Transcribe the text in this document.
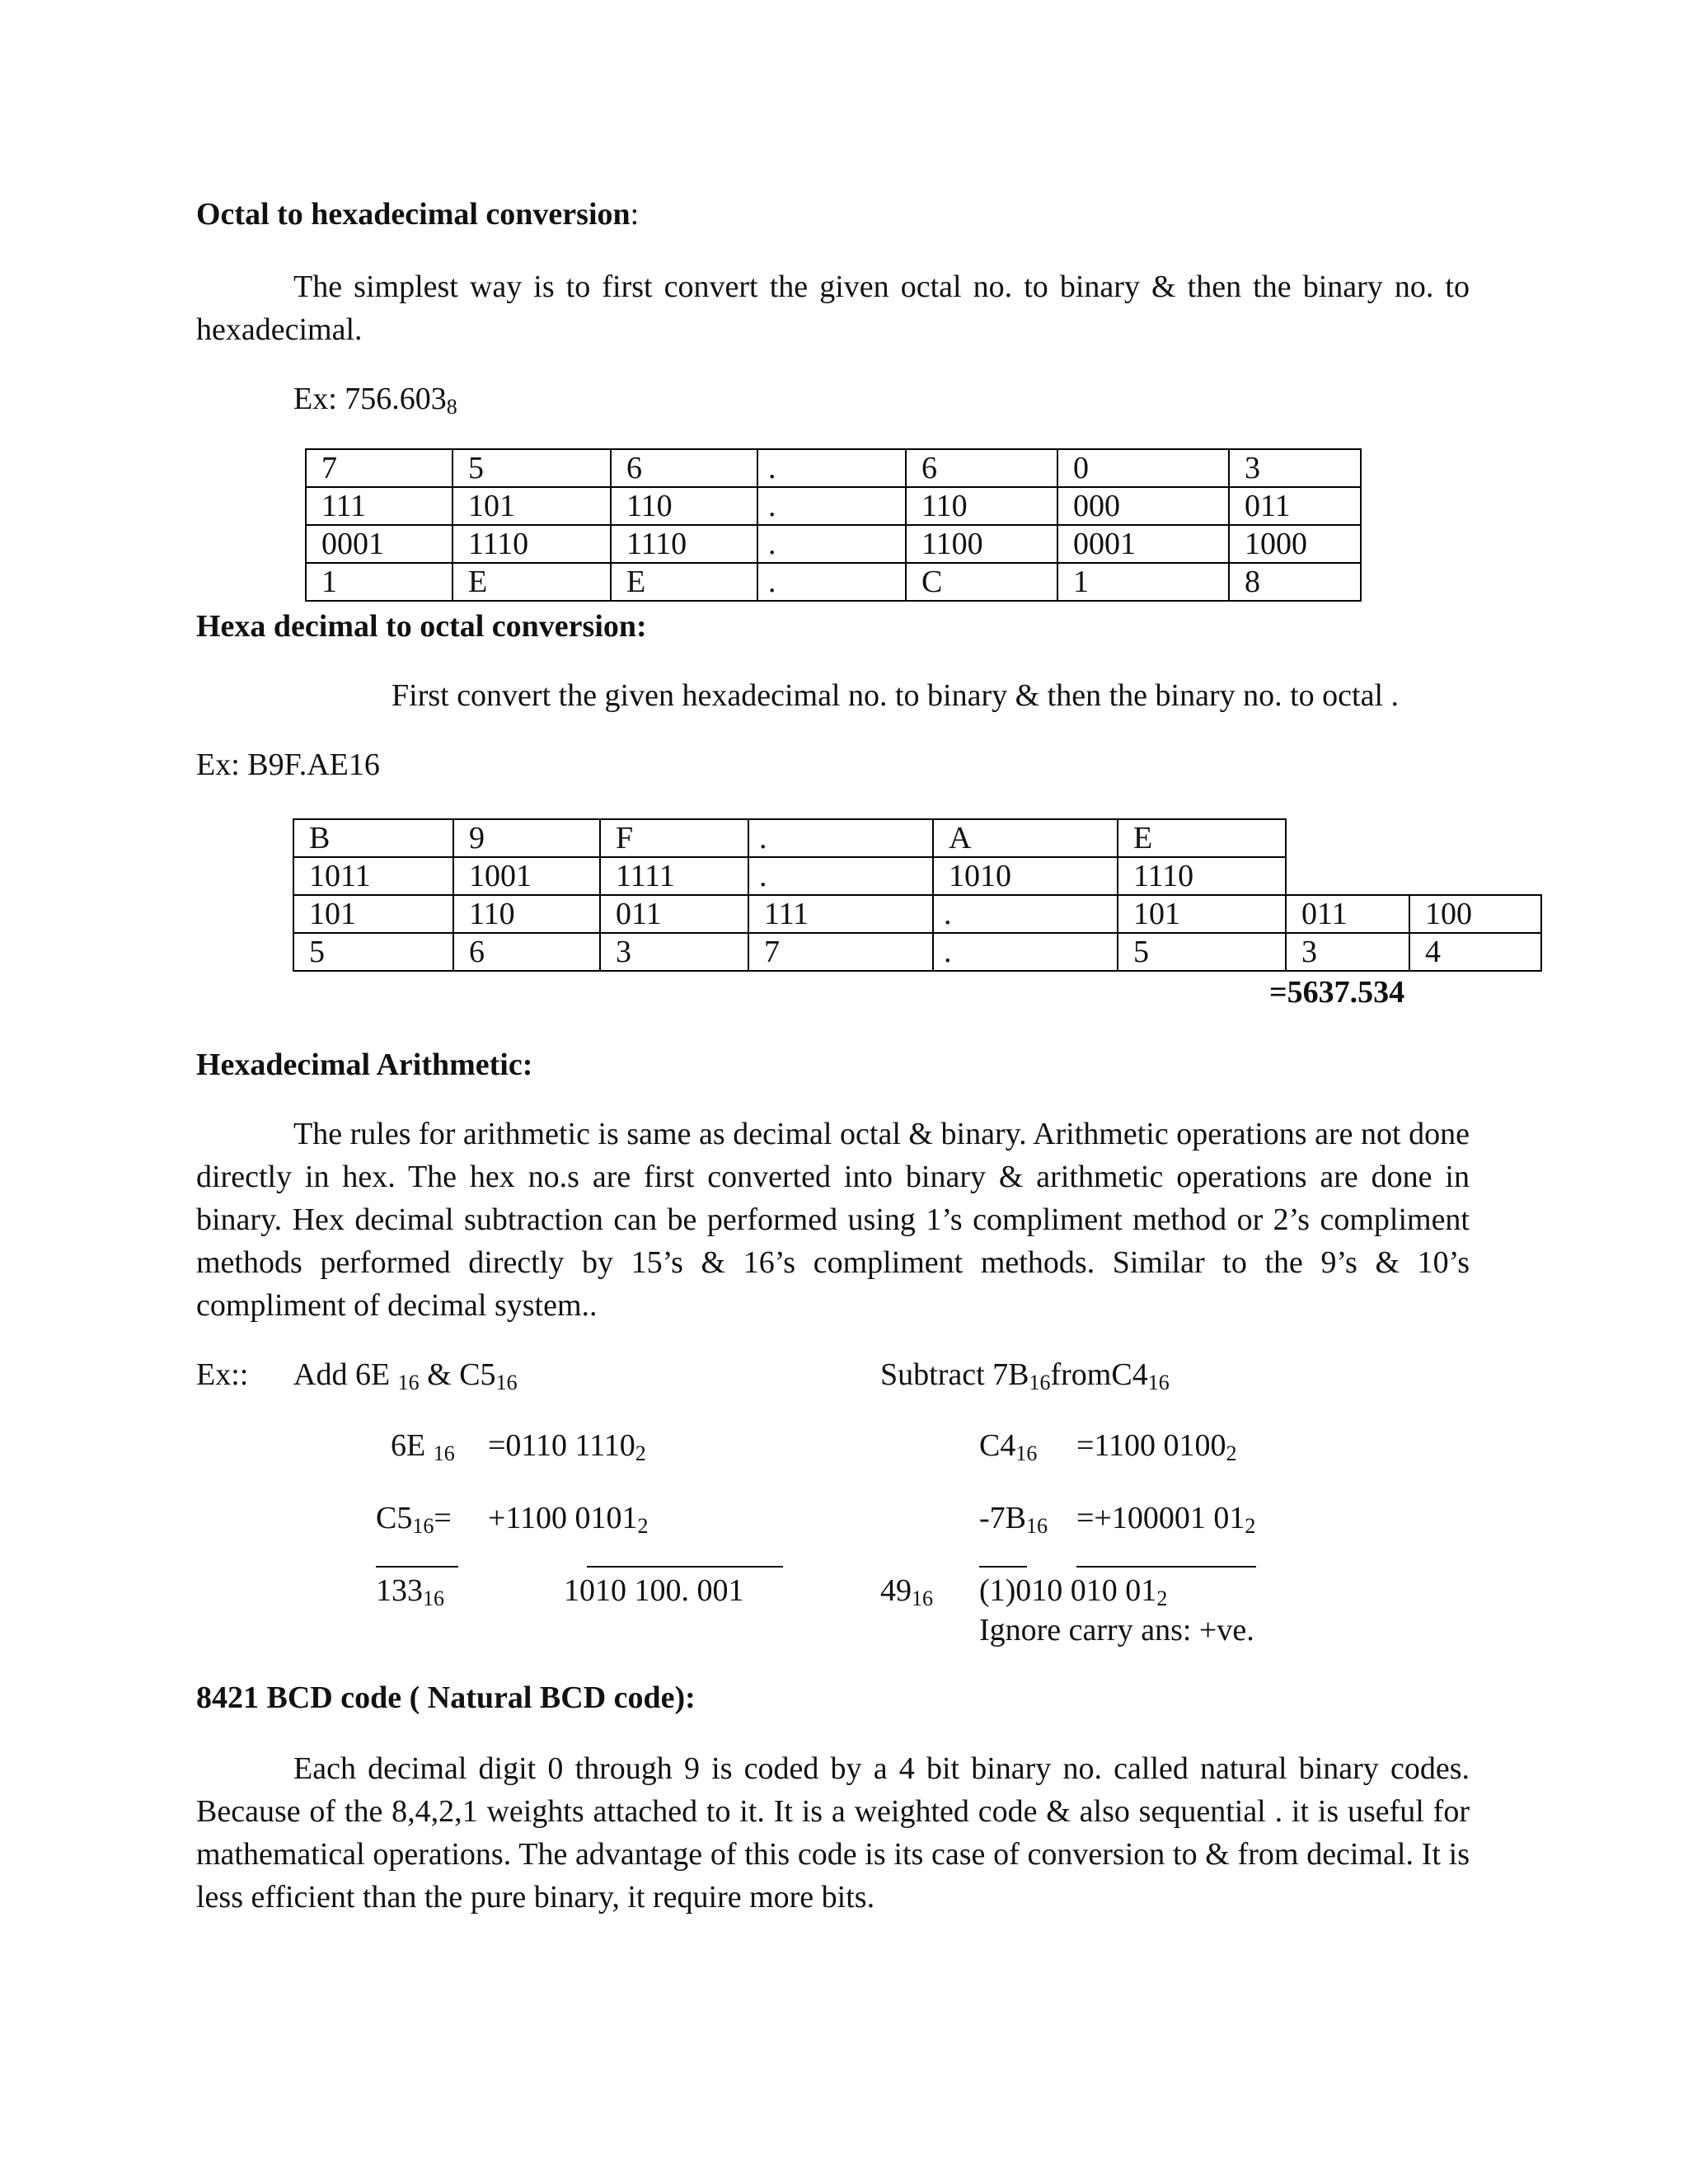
Octal to hexadecimal conversion:

The simplest way is to first convert the given octal no. to binary & then the binary no. to hexadecimal.

Ex: $756.603_8$
7	5	6	.	6	0	3
111	101	110	.	110	000	011
0001	1110	1110	.	1100	0001	1000
1	E	E	.	C	1	8
Hexa decimal to octal conversion:
First convert the given hexadecimal no. to binary & then the binary no. to octal .
Ex: B9F.AE16
B	9	F	.	A	E
1011	1001	1111	.	1010	1110
101	110	011	111	.	101	011	100
5	6	3	7	.	5	3	4
=5637.534
Hexadecimal Arithmetic:

The rules for arithmetic is same as decimal octal & binary. Arithmetic operations are not done directly in hex. The hex no.s are first converted into binary & arithmetic operations are done in binary. Hex decimal subtraction can be performed using 1’s compliment method or 2’s compliment methods performed directly by 15’s & 16’s compliment methods. Similar to the 9’s & 10’s compliment of decimal system..

Ex:: Add 6E $_{16}$ & $C5_{16}$	Subtract $7B_{16}fromC4_{16}$
6E $_{16}$ =0110 $1110_2$
$C5_{16}= +1100$ $0101_2$
$133_{16}$	1010 100. 001
$C4_{16} =1100$ $0100_2$
$-7B_{16} =+100001$ $01_2$
$49_{16}$ (1)010 010 $01_2$
Ignore carry ans: +ve.
8421 BCD code ( Natural BCD code):

Each decimal digit 0 through 9 is coded by a 4 bit binary no. called natural binary codes. Because of the 8,4,2,1 weights attached to it. It is a weighted code & also sequential . it is useful for mathematical operations. The advantage of this code is its case of conversion to & from decimal. It is less efficient than the pure binary, it require more bits.
